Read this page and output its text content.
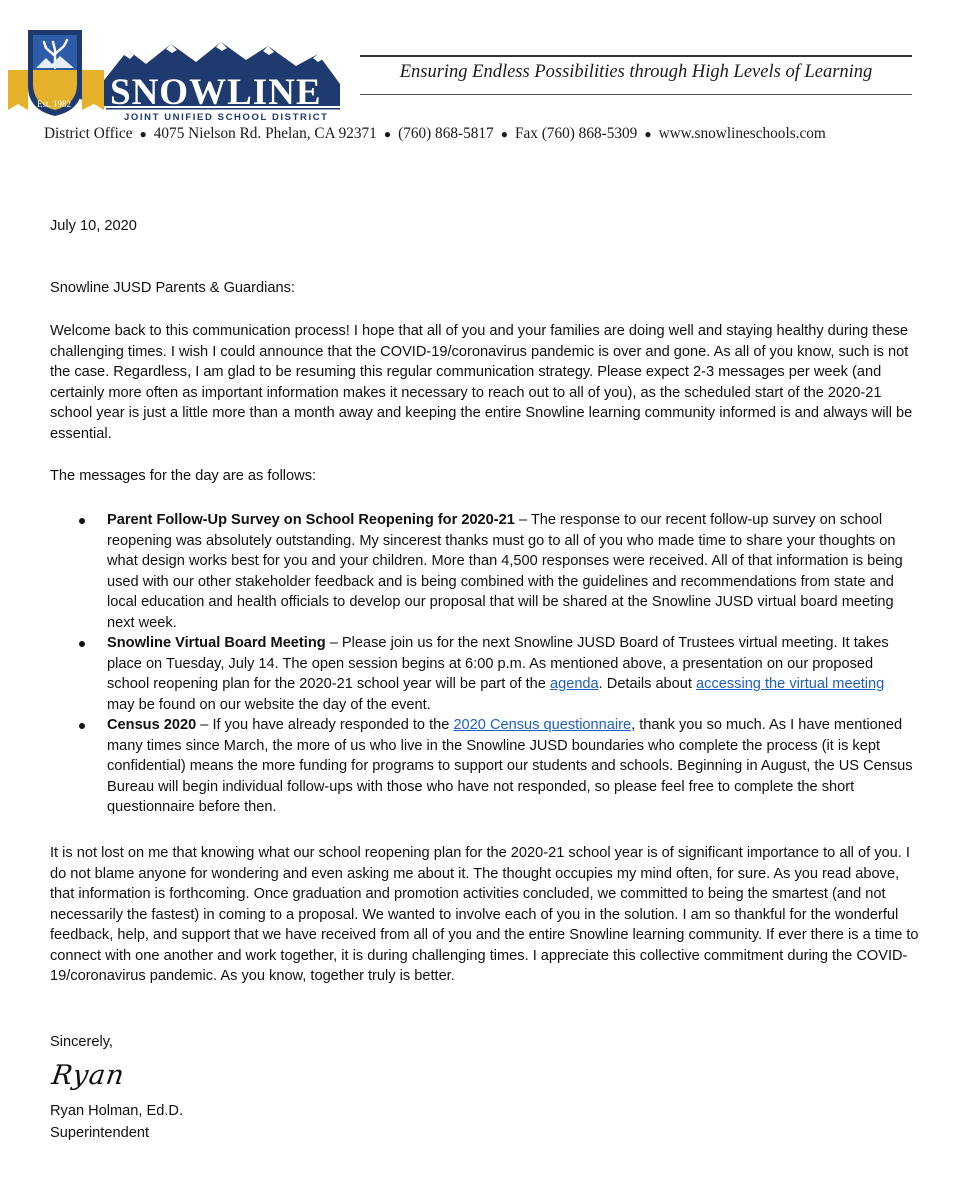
SNOWLINE
JOINT UNIFIED SCHOOL DISTRICT
Est. 1982
Ensuring Endless Possibilities through High Levels of Learning
District Office ● 4075 Nielson Rd. Phelan, CA 92371 ● (760) 868-5817 ● Fax (760) 868-5309 ● www.snowlineschools.com
July 10, 2020
Snowline JUSD Parents & Guardians:
Welcome back to this communication process! I hope that all of you and your families are doing well and staying healthy during these challenging times. I wish I could announce that the COVID-19/coronavirus pandemic is over and gone. As all of you know, such is not the case. Regardless, I am glad to be resuming this regular communication strategy. Please expect 2-3 messages per week (and certainly more often as important information makes it necessary to reach out to all of you), as the scheduled start of the 2020-21 school year is just a little more than a month away and keeping the entire Snowline learning community informed is and always will be essential.
The messages for the day are as follows:
Parent Follow-Up Survey on School Reopening for 2020-21 – The response to our recent follow-up survey on school reopening was absolutely outstanding. My sincerest thanks must go to all of you who made time to share your thoughts on what design works best for you and your children. More than 4,500 responses were received. All of that information is being used with our other stakeholder feedback and is being combined with the guidelines and recommendations from state and local education and health officials to develop our proposal that will be shared at the Snowline JUSD virtual board meeting next week.
Snowline Virtual Board Meeting – Please join us for the next Snowline JUSD Board of Trustees virtual meeting. It takes place on Tuesday, July 14. The open session begins at 6:00 p.m. As mentioned above, a presentation on our proposed school reopening plan for the 2020-21 school year will be part of the agenda. Details about accessing the virtual meeting may be found on our website the day of the event.
Census 2020 – If you have already responded to the 2020 Census questionnaire, thank you so much. As I have mentioned many times since March, the more of us who live in the Snowline JUSD boundaries who complete the process (it is kept confidential) means the more funding for programs to support our students and schools. Beginning in August, the US Census Bureau will begin individual follow-ups with those who have not responded, so please feel free to complete the short questionnaire before then.
It is not lost on me that knowing what our school reopening plan for the 2020-21 school year is of significant importance to all of you. I do not blame anyone for wondering and even asking me about it. The thought occupies my mind often, for sure. As you read above, that information is forthcoming. Once graduation and promotion activities concluded, we committed to being the smartest (and not necessarily the fastest) in coming to a proposal. We wanted to involve each of you in the solution. I am so thankful for the wonderful feedback, help, and support that we have received from all of you and the entire Snowline learning community. If ever there is a time to connect with one another and work together, it is during challenging times. I appreciate this collective commitment during the COVID-19/coronavirus pandemic. As you know, together truly is better.
Sincerely,
Ryan
Ryan Holman, Ed.D.
Superintendent
